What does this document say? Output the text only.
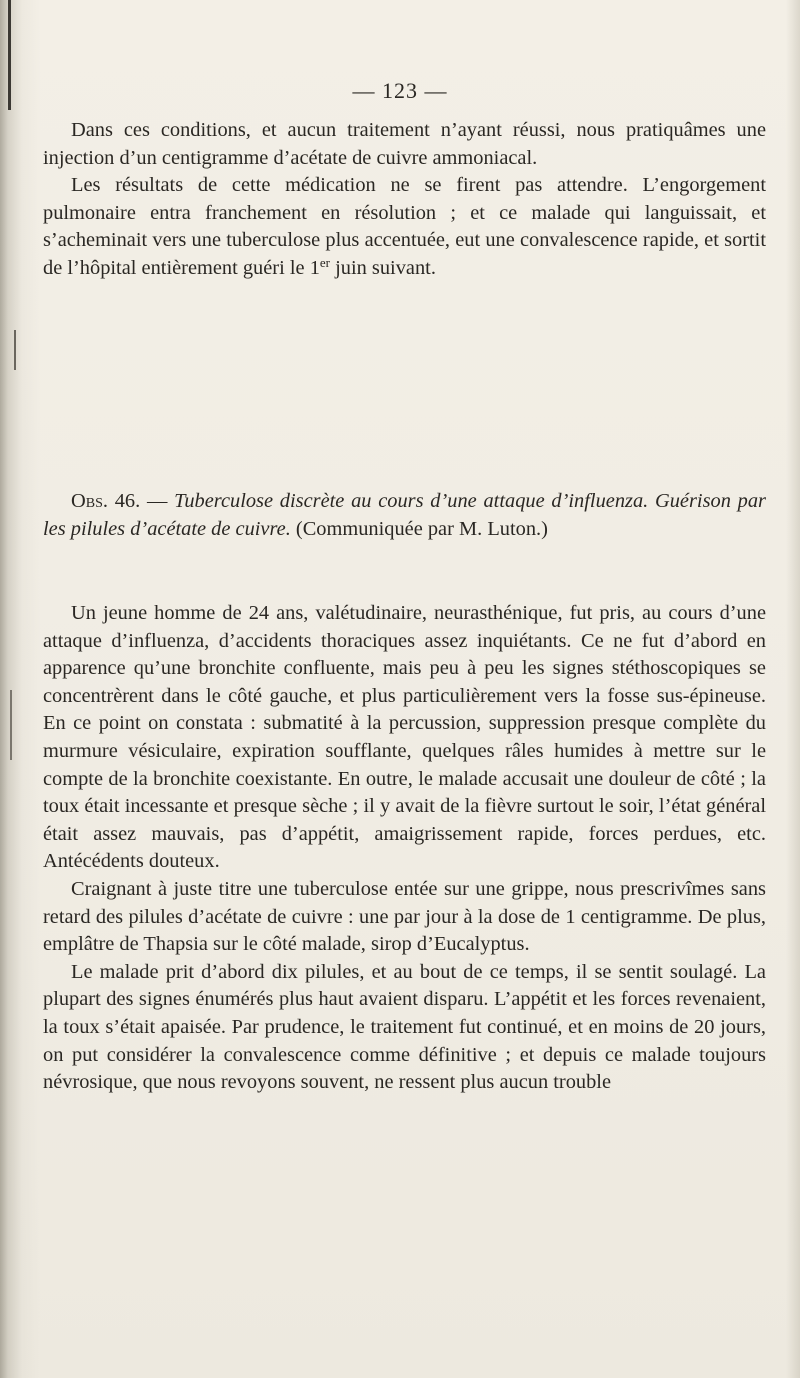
— 123 —

Dans ces conditions, et aucun traitement n’ayant réussi, nous pratiquâmes une injection d’un centigramme d’acétate de cuivre ammoniacal.

Les résultats de cette médication ne se firent pas attendre. L’engorgement pulmonaire entra franchement en résolution ; et ce malade qui languissait, et s’acheminait vers une tuberculose plus accentuée, eut une convalescence rapide, et sortit de l’hôpital entièrement guéri le 1er juin suivant.

Obs. 46. — Tuberculose discrète au cours d’une attaque d’influenza. Guérison par les pilules d’acétate de cuivre. (Communiquée par M. Luton.)

Un jeune homme de 24 ans, valétudinaire, neurasthénique, fut pris, au cours d’une attaque d’influenza, d’accidents thoraciques assez inquiétants. Ce ne fut d’abord en apparence qu’une bronchite confluente, mais peu à peu les signes stéthoscopiques se concentrèrent dans le côté gauche, et plus particulièrement vers la fosse sus-épineuse. En ce point on constata : submatité à la percussion, suppression presque complète du murmure vésiculaire, expiration soufflante, quelques râles humides à mettre sur le compte de la bronchite coexistante. En outre, le malade accusait une douleur de côté ; la toux était incessante et presque sèche ; il y avait de la fièvre surtout le soir, l’état général était assez mauvais, pas d’appétit, amaigrissement rapide, forces perdues, etc. Antécédents douteux.

Craignant à juste titre une tuberculose entée sur une grippe, nous prescrivîmes sans retard des pilules d’acétate de cuivre : une par jour à la dose de 1 centigramme. De plus, emplâtre de Thapsia sur le côté malade, sirop d’Eucalyptus.

Le malade prit d’abord dix pilules, et au bout de ce temps, il se sentit soulagé. La plupart des signes énumérés plus haut avaient disparu. L’appétit et les forces revenaient, la toux s’était apaisée. Par prudence, le traitement fut continué, et en moins de 20 jours, on put considérer la convalescence comme définitive ; et depuis ce malade toujours névrosique, que nous revoyons souvent, ne ressent plus aucun trouble
